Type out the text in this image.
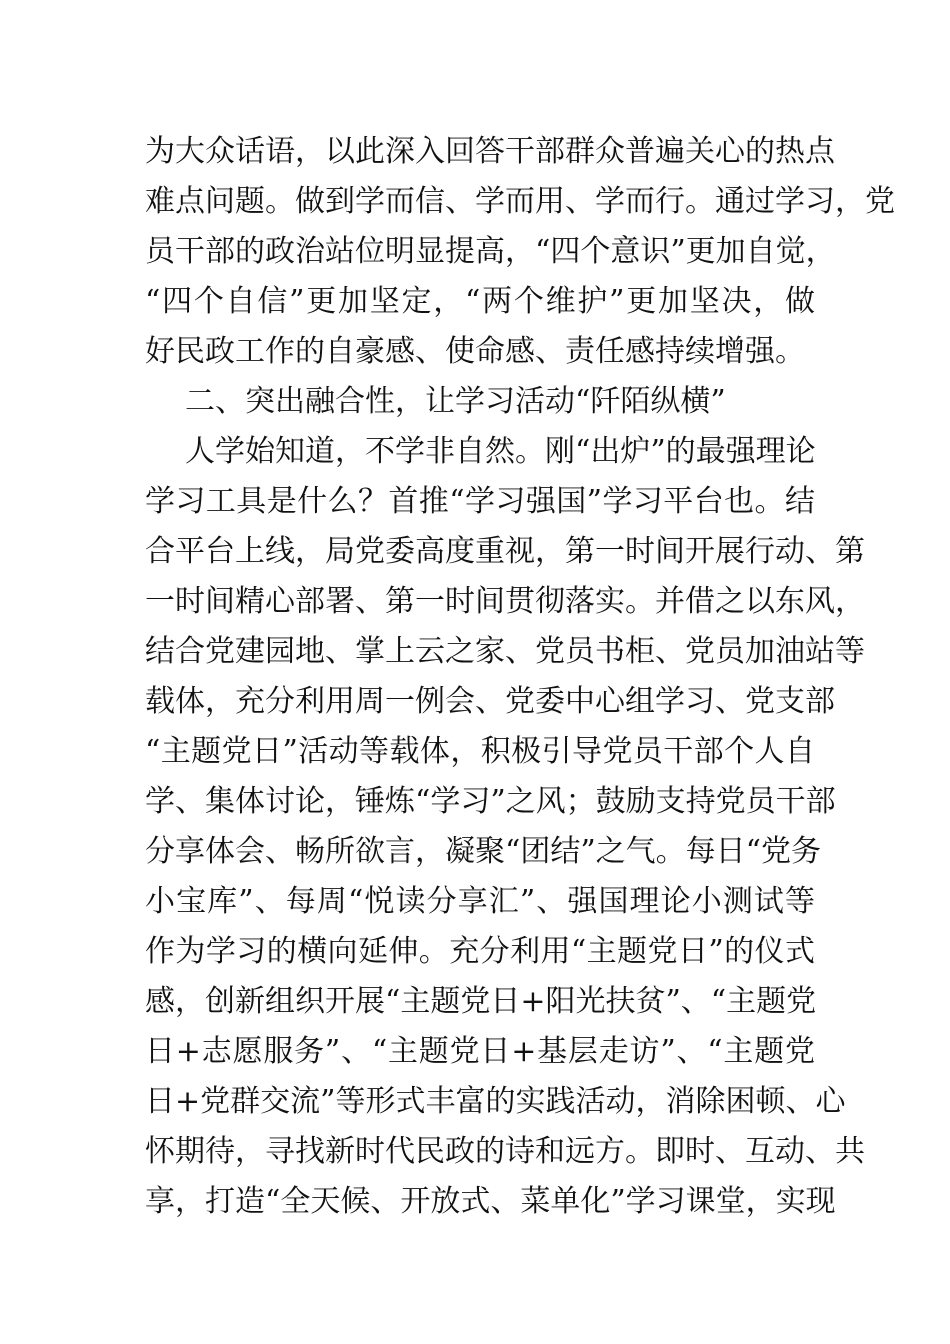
为大众话语，以此深入回答干部群众普遍关心的热点
难点问题。做到学而信、学而用、学而行。通过学习，党
员干部的政治站位明显提高，“四个意识”更加自觉，
“四个自信”更加坚定，“两个维护”更加坚决，做
好民政工作的自豪感、使命感、责任感持续增强。
二、突出融合性，让学习活动“阡陌纵横”
人学始知道，不学非自然。刚“出炉”的最强理论
学习工具是什么？首推“学习强国”学习平台也。结
合平台上线，局党委高度重视，第一时间开展行动、第
一时间精心部署、第一时间贯彻落实。并借之以东风，
结合党建园地、掌上云之家、党员书柜、党员加油站等
载体，充分利用周一例会、党委中心组学习、党支部
“主题党日”活动等载体，积极引导党员干部个人自
学、集体讨论，锤炼“学习”之风；鼓励支持党员干部
分享体会、畅所欲言，凝聚“团结”之气。每日“党务
小宝库”、每周“悦读分享汇”、强国理论小测试等
作为学习的横向延伸。充分利用“主题党日”的仪式
感，创新组织开展“主题党日+阳光扶贫”、“主题党
日+志愿服务”、“主题党日+基层走访”、“主题党
日+党群交流”等形式丰富的实践活动，消除困顿、心
怀期待，寻找新时代民政的诗和远方。即时、互动、共
享，打造“全天候、开放式、菜单化”学习课堂，实现
